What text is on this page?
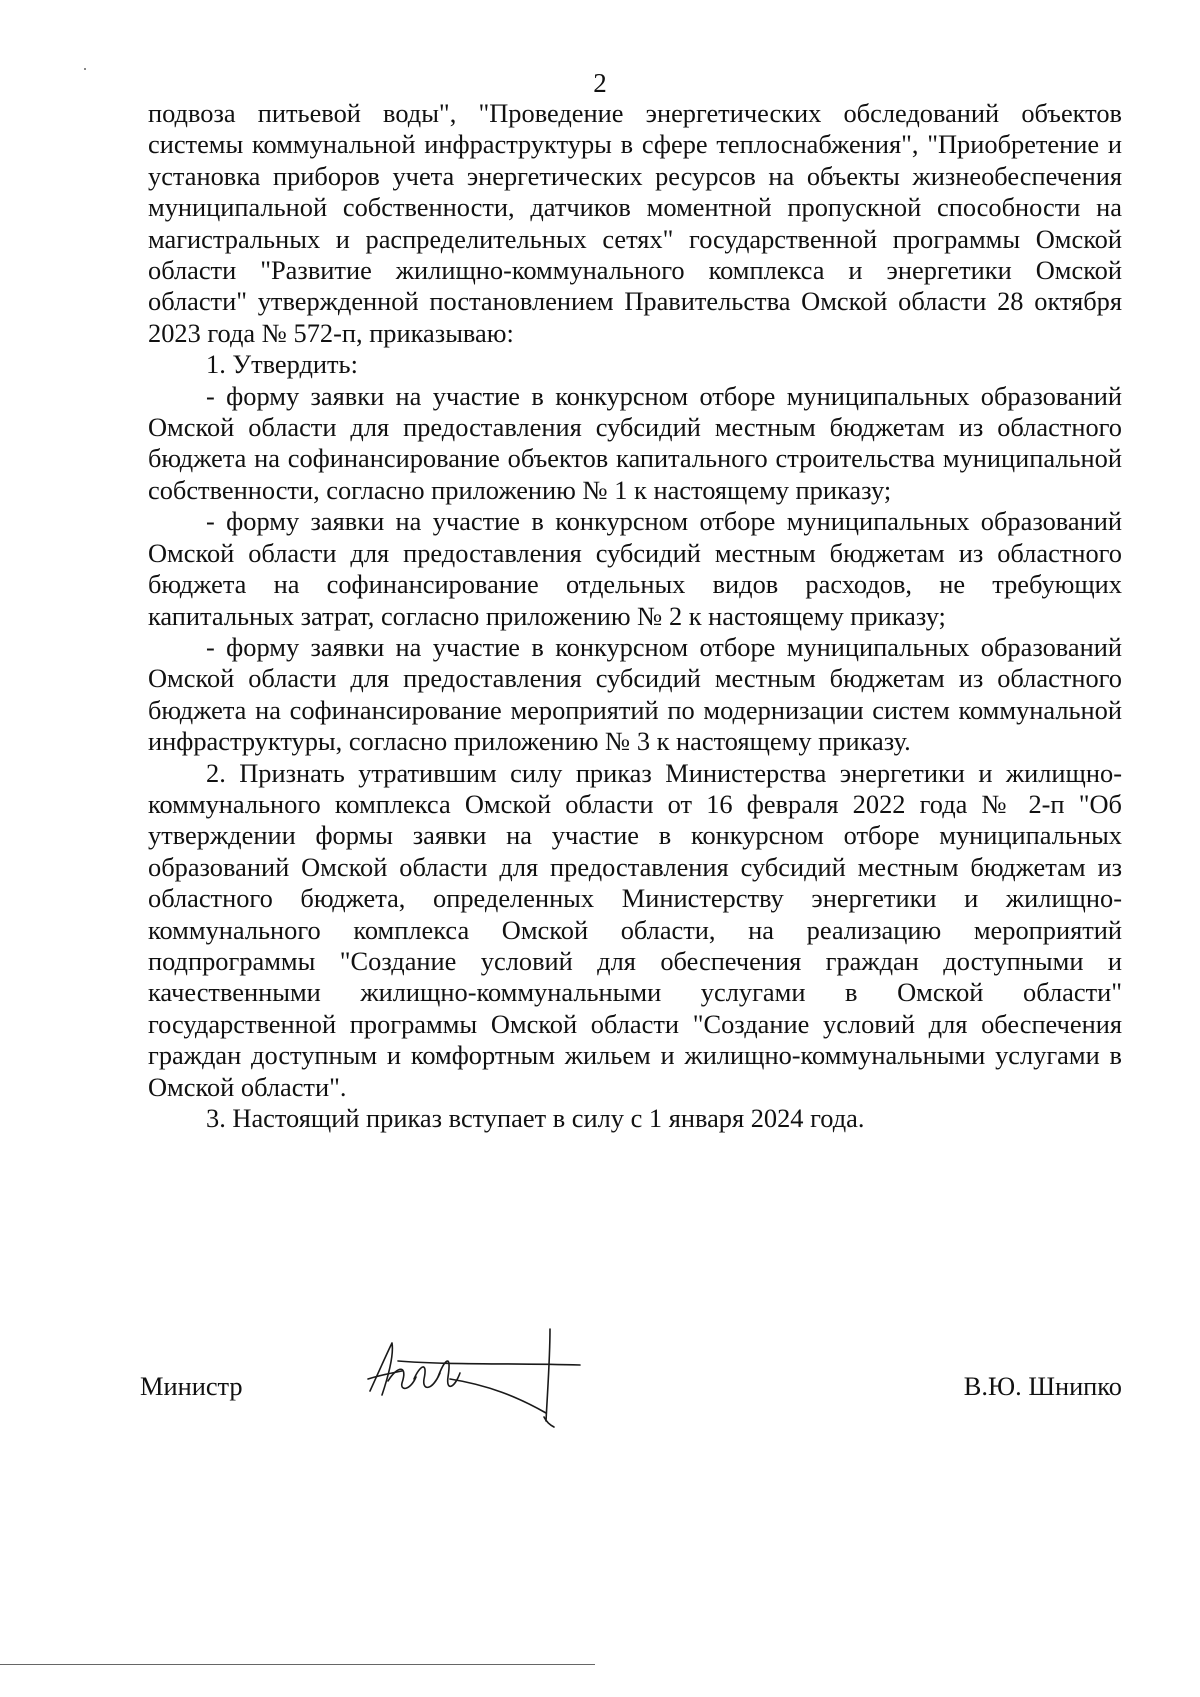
2

подвоза питьевой воды", "Проведение энергетических обследований объектов системы коммунальной инфраструктуры в сфере теплоснабжения", "Приобретение и установка приборов учета энергетических ресурсов на объекты жизнеобеспечения муниципальной собственности, датчиков моментной пропускной способности на магистральных и распределительных сетях" государственной программы Омской области "Развитие жилищно-коммунального комплекса и энергетики Омской области" утвержденной постановлением Правительства Омской области 28 октября 2023 года № 572-п, приказываю:

1. Утвердить:

- форму заявки на участие в конкурсном отборе муниципальных образований Омской области для предоставления субсидий местным бюджетам из областного бюджета на софинансирование объектов капитального строительства муниципальной собственности, согласно приложению № 1 к настоящему приказу;

- форму заявки на участие в конкурсном отборе муниципальных образований Омской области для предоставления субсидий местным бюджетам из областного бюджета на софинансирование отдельных видов расходов, не требующих капитальных затрат, согласно приложению № 2 к настоящему приказу;

- форму заявки на участие в конкурсном отборе муниципальных образований Омской области для предоставления субсидий местным бюджетам из областного бюджета на софинансирование мероприятий по модернизации систем коммунальной инфраструктуры, согласно приложению № 3 к настоящему приказу.

2. Признать утратившим силу приказ Министерства энергетики и жилищно-коммунального комплекса Омской области от 16 февраля 2022 года № 2-п "Об утверждении формы заявки на участие в конкурсном отборе муниципальных образований Омской области для предоставления субсидий местным бюджетам из областного бюджета, определенных Министерству энергетики и жилищно-коммунального комплекса Омской области, на реализацию мероприятий подпрограммы "Создание условий для обеспечения граждан доступными и качественными жилищно-коммунальными услугами в Омской области" государственной программы Омской области "Создание условий для обеспечения граждан доступным и комфортным жильем и жилищно-коммунальными услугами в Омской области".

3. Настоящий приказ вступает в силу с 1 января 2024 года.

Министр	В.Ю. Шнипко
